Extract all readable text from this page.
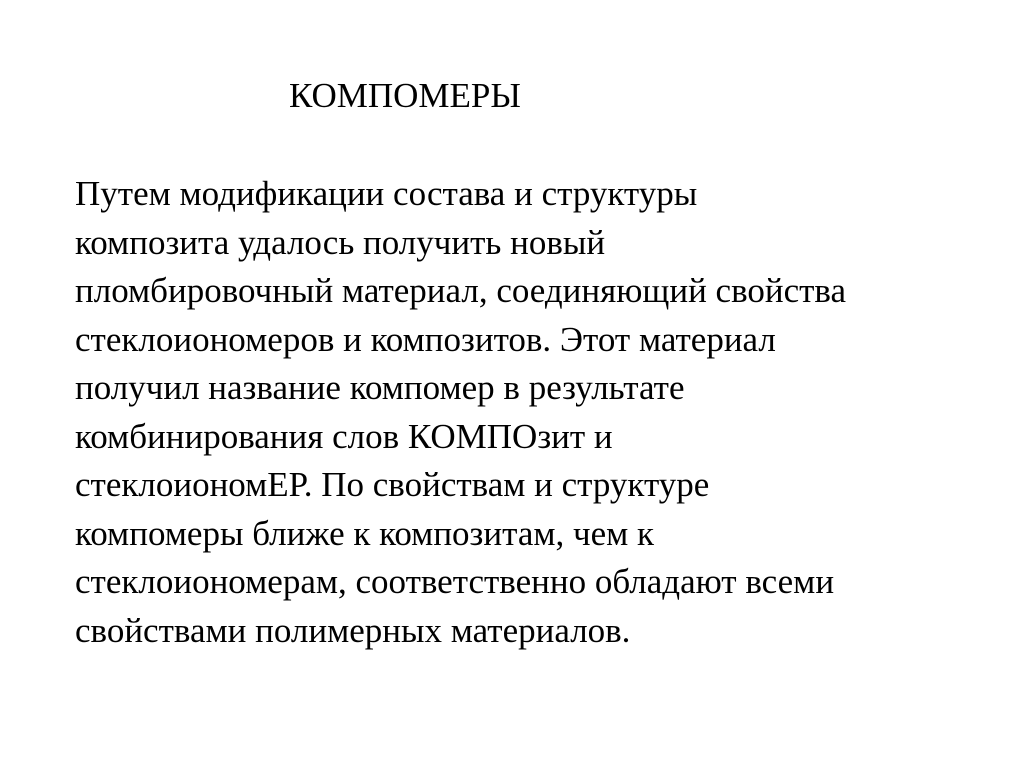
КОМПОМЕРЫ
Путем модификации состава и структуры
композита удалось получить новый
пломбировочный материал, соединяющий свойства
стеклоиономеров и композитов. Этот материал
получил название компомер в результате
комбинирования слов КОМПОзит и
стеклоиономЕР. По свойствам и структуре
компомеры ближе к композитам, чем к
стеклоиономерам, соответственно обладают всеми
свойствами полимерных материалов.
